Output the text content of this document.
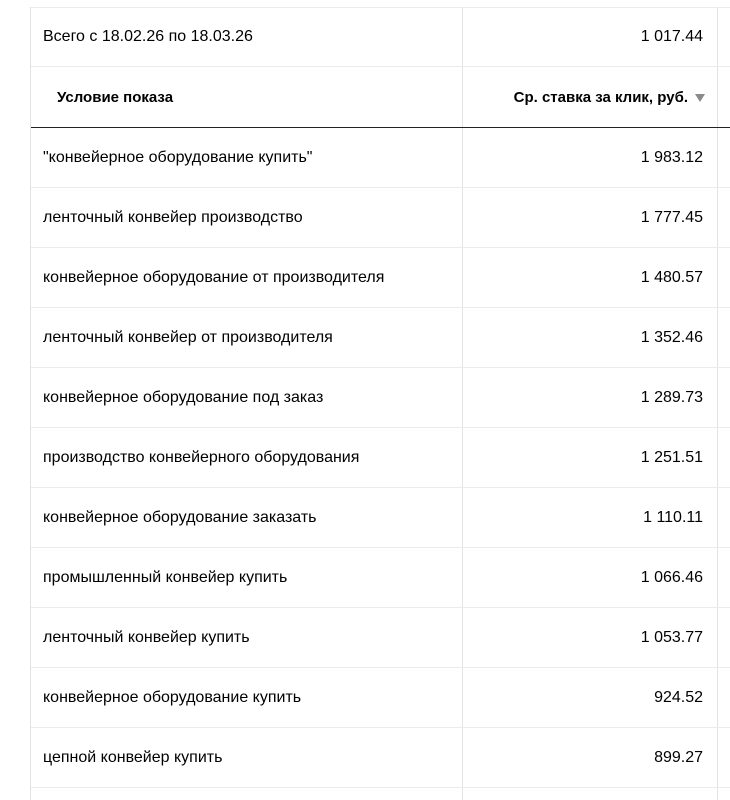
Всего с 18.02.26 по 18.03.26	1 017.44
Условие показа	Ср. ставка за клик, руб.
"конвейерное оборудование купить"	1 983.12
ленточный конвейер производство	1 777.45
конвейерное оборудование от производителя	1 480.57
ленточный конвейер от производителя	1 352.46
конвейерное оборудование под заказ	1 289.73
производство конвейерного оборудования	1 251.51
конвейерное оборудование заказать	1 110.11
промышленный конвейер купить	1 066.46
ленточный конвейер купить	1 053.77
конвейерное оборудование купить	924.52
цепной конвейер купить	899.27
